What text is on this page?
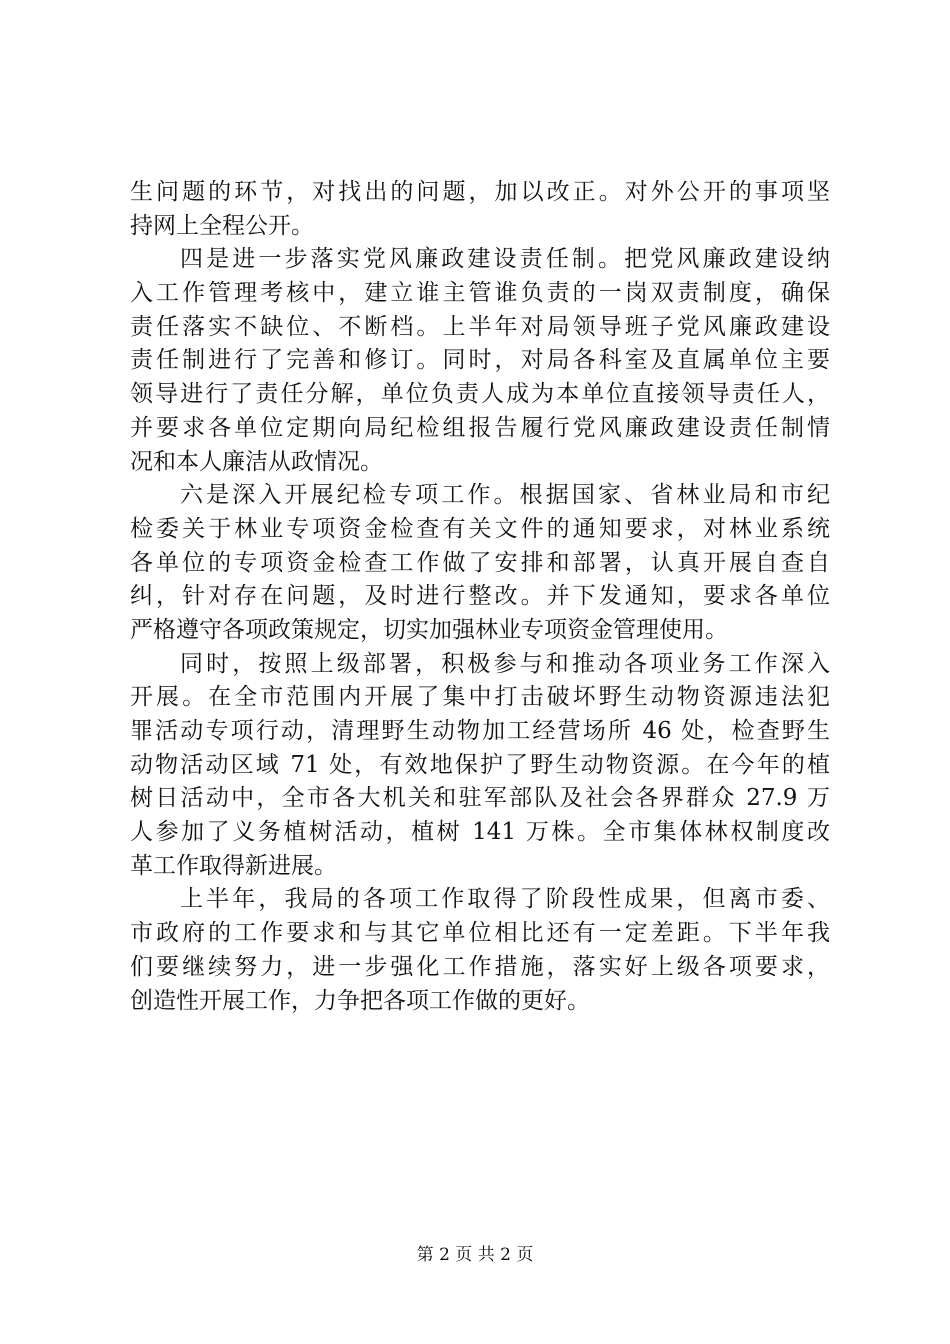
生问题的环节，对找出的问题，加以改正。对外公开的事项坚
持网上全程公开。
四是进一步落实党风廉政建设责任制。把党风廉政建设纳
入工作管理考核中，建立谁主管谁负责的一岗双责制度，确保
责任落实不缺位、不断档。上半年对局领导班子党风廉政建设
责任制进行了完善和修订。同时，对局各科室及直属单位主要
领导进行了责任分解，单位负责人成为本单位直接领导责任人，
并要求各单位定期向局纪检组报告履行党风廉政建设责任制情
况和本人廉洁从政情况。
六是深入开展纪检专项工作。根据国家、省林业局和市纪
检委关于林业专项资金检查有关文件的通知要求，对林业系统
各单位的专项资金检查工作做了安排和部署，认真开展自查自
纠，针对存在问题，及时进行整改。并下发通知，要求各单位
严格遵守各项政策规定，切实加强林业专项资金管理使用。
同时，按照上级部署，积极参与和推动各项业务工作深入
开展。在全市范围内开展了集中打击破坏野生动物资源违法犯
罪活动专项行动，清理野生动物加工经营场所 46 处，检查野生
动物活动区域 71 处，有效地保护了野生动物资源。在今年的植
树日活动中，全市各大机关和驻军部队及社会各界群众 27.9 万
人参加了义务植树活动，植树 141 万株。全市集体林权制度改
革工作取得新进展。
上半年，我局的各项工作取得了阶段性成果，但离市委、
市政府的工作要求和与其它单位相比还有一定差距。下半年我
们要继续努力，进一步强化工作措施，落实好上级各项要求，
创造性开展工作，力争把各项工作做的更好。
第 2 页 共 2 页
